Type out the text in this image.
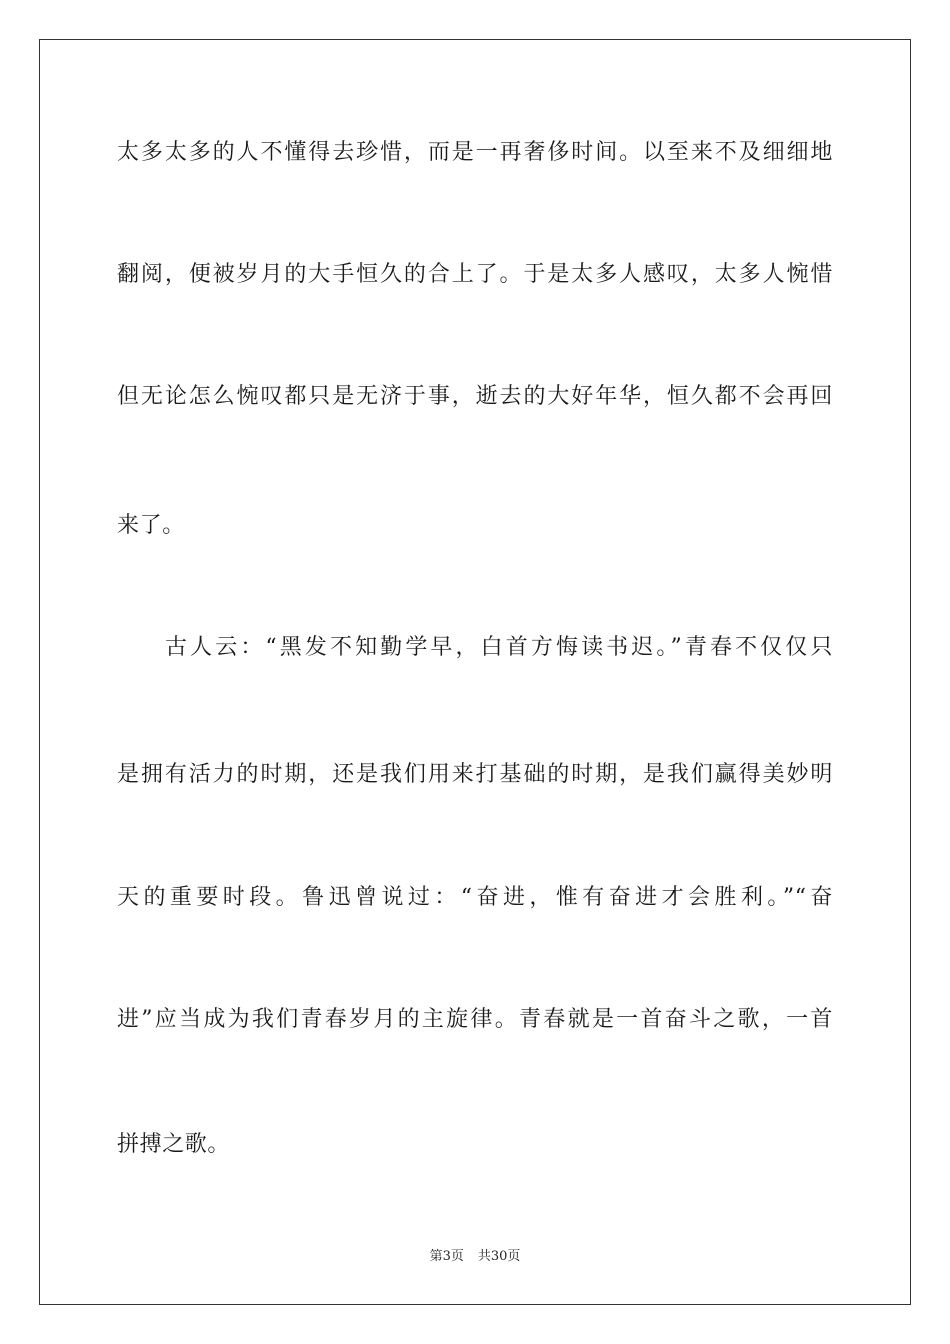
太多太多的人不懂得去珍惜，而是一再奢侈时间。以至来不及细细地
翻阅，便被岁月的大手恒久的合上了。于是太多人感叹，太多人惋惜
但无论怎么惋叹都只是无济于事，逝去的大好年华，恒久都不会再回
来了。
古人云：“黑发不知勤学早，白首方悔读书迟。”青春不仅仅只
是拥有活力的时期，还是我们用来打基础的时期，是我们赢得美妙明
天的重要时段。鲁迅曾说过：“奋进，惟有奋进才会胜利。”“奋
进”应当成为我们青春岁月的主旋律。青春就是一首奋斗之歌，一首
拼搏之歌。
第3页 共30页
